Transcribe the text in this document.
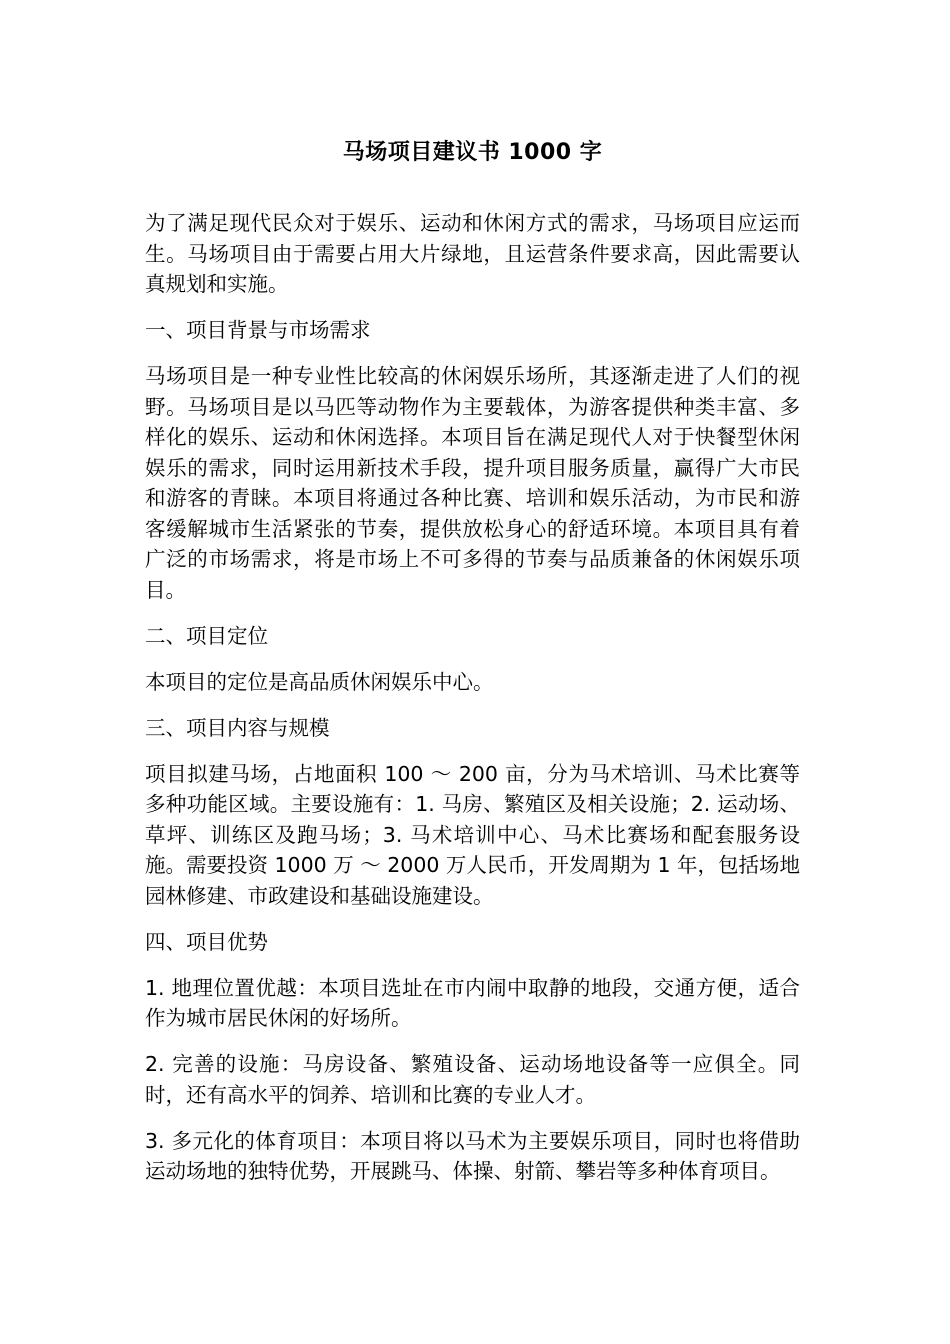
马场项目建议书 1000 字

为了满足现代民众对于娱乐、运动和休闲方式的需求，马场项目应运而生。马场项目由于需要占用大片绿地，且运营条件要求高，因此需要认真规划和实施。

一、项目背景与市场需求

马场项目是一种专业性比较高的休闲娱乐场所，其逐渐走进了人们的视野。马场项目是以马匹等动物作为主要载体，为游客提供种类丰富、多样化的娱乐、运动和休闲选择。本项目旨在满足现代人对于快餐型休闲娱乐的需求，同时运用新技术手段，提升项目服务质量，赢得广大市民和游客的青睐。本项目将通过各种比赛、培训和娱乐活动，为市民和游客缓解城市生活紧张的节奏，提供放松身心的舒适环境。本项目具有着广泛的市场需求，将是市场上不可多得的节奏与品质兼备的休闲娱乐项目。

二、项目定位

本项目的定位是高品质休闲娱乐中心。

三、项目内容与规模

项目拟建马场，占地面积 100 ～ 200 亩，分为马术培训、马术比赛等多种功能区域。主要设施有：1. 马房、繁殖区及相关设施；2. 运动场、草坪、训练区及跑马场；3. 马术培训中心、马术比赛场和配套服务设施。需要投资 1000 万 ～ 2000 万人民币，开发周期为 1 年，包括场地园林修建、市政建设和基础设施建设。

四、项目优势

1. 地理位置优越：本项目选址在市内闹中取静的地段，交通方便，适合作为城市居民休闲的好场所。

2. 完善的设施：马房设备、繁殖设备、运动场地设备等一应俱全。同时，还有高水平的饲养、培训和比赛的专业人才。

3. 多元化的体育项目：本项目将以马术为主要娱乐项目，同时也将借助运动场地的独特优势，开展跳马、体操、射箭、攀岩等多种体育项目。
